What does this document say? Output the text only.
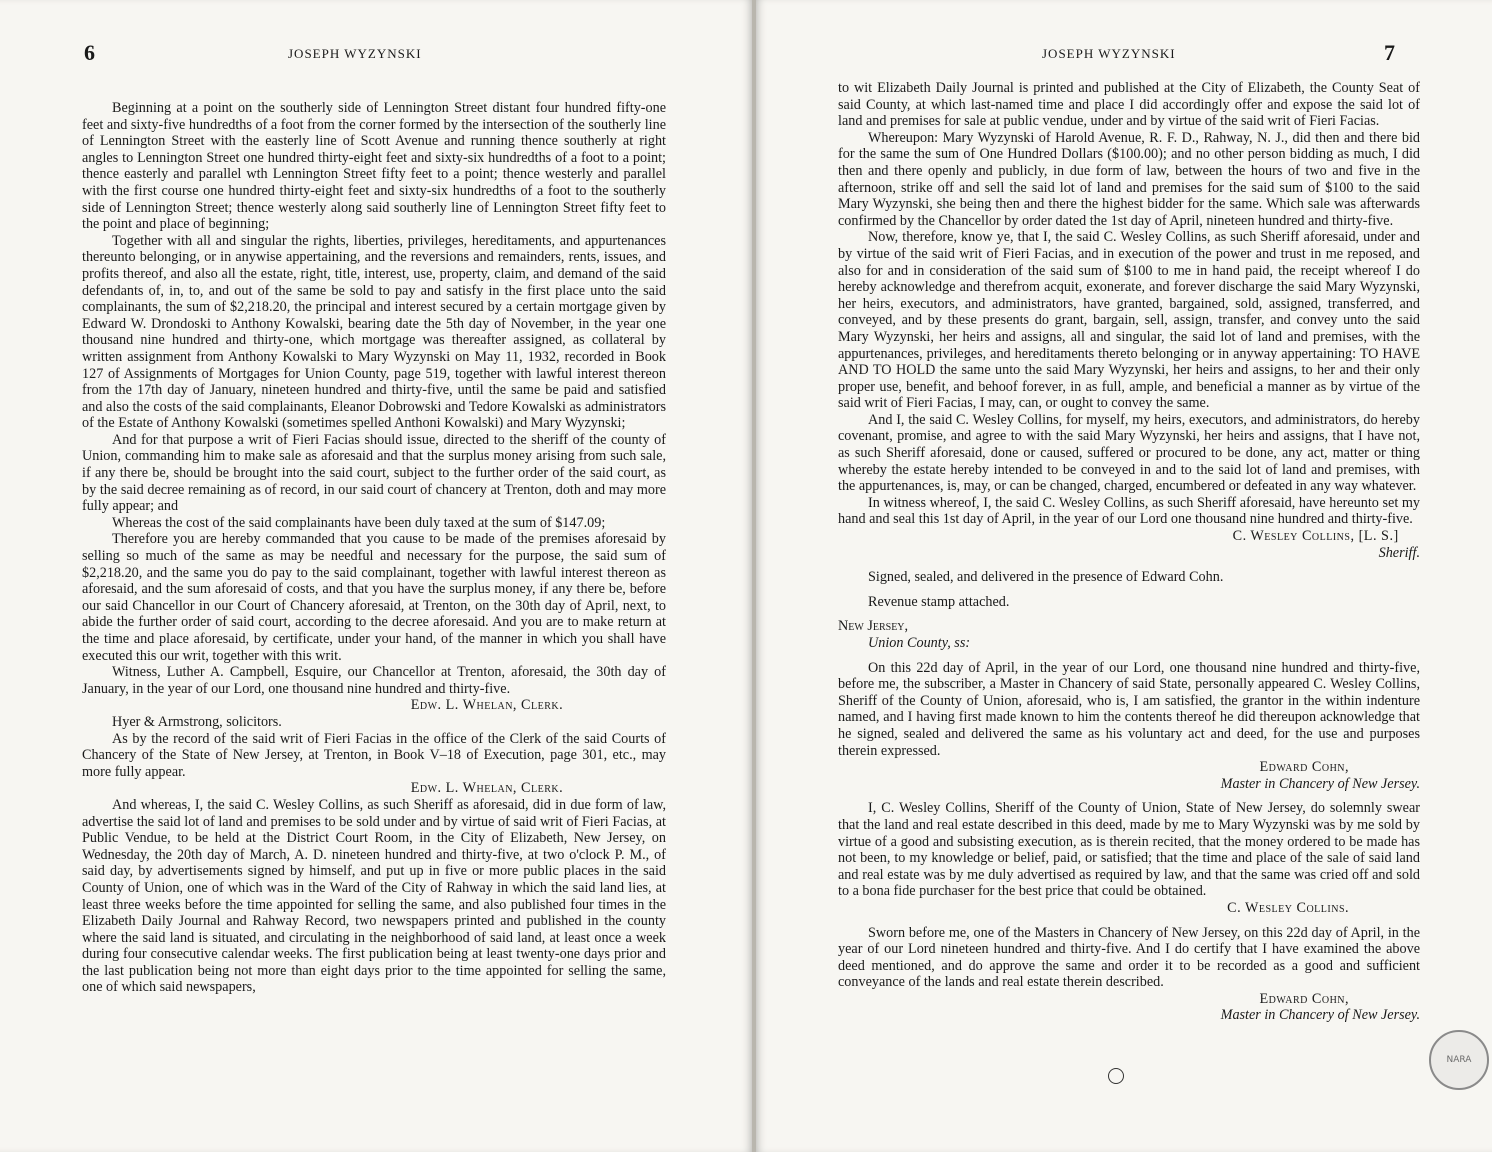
6	JOSEPH WYZYNSKI

Beginning at a point on the southerly side of Lennington Street distant four hundred fifty-one feet and sixty-five hundredths of a foot from the corner formed by the intersection of the southerly line of Lennington Street with the easterly line of Scott Avenue and running thence southerly at right angles to Lennington Street one hundred thirty-eight feet and sixty-six hundredths of a foot to a point; thence easterly and parallel wth Lennington Street fifty feet to a point; thence westerly and parallel with the first course one hundred thirty-eight feet and sixty-six hundredths of a foot to the southerly side of Lennington Street; thence westerly along said southerly line of Lennington Street fifty feet to the point and place of beginning;

Together with all and singular the rights, liberties, privileges, hereditaments, and appurtenances thereunto belonging, or in anywise appertaining, and the reversions and remainders, rents, issues, and profits thereof, and also all the estate, right, title, interest, use, property, claim, and demand of the said defendants of, in, to, and out of the same be sold to pay and satisfy in the first place unto the said complainants, the sum of $2,218.20, the principal and interest secured by a certain mortgage given by Edward W. Drondoski to Anthony Kowalski, bearing date the 5th day of November, in the year one thousand nine hundred and thirty-one, which mortgage was thereafter assigned, as collateral by written assignment from Anthony Kowalski to Mary Wyzynski on May 11, 1932, recorded in Book 127 of Assignments of Mortgages for Union County, page 519, together with lawful interest thereon from the 17th day of January, nineteen hundred and thirty-five, until the same be paid and satisfied and also the costs of the said complainants, Eleanor Dobrowski and Tedore Kowalski as administrators of the Estate of Anthony Kowalski (sometimes spelled Anthoni Kowalski) and Mary Wyzynski;

And for that purpose a writ of Fieri Facias should issue, directed to the sheriff of the county of Union, commanding him to make sale as aforesaid and that the surplus money arising from such sale, if any there be, should be brought into the said court, subject to the further order of the said court, as by the said decree remaining as of record, in our said court of chancery at Trenton, doth and may more fully appear; and

Whereas the cost of the said complainants have been duly taxed at the sum of $147.09;

Therefore you are hereby commanded that you cause to be made of the premises aforesaid by selling so much of the same as may be needful and necessary for the purpose, the said sum of $2,218.20, and the same you do pay to the said complainant, together with lawful interest thereon as aforesaid, and the sum aforesaid of costs, and that you have the surplus money, if any there be, before our said Chancellor in our Court of Chancery aforesaid, at Trenton, on the 30th day of April, next, to abide the further order of said court, according to the decree aforesaid. And you are to make return at the time and place aforesaid, by certificate, under your hand, of the manner in which you shall have executed this our writ, together with this writ.

Witness, Luther A. Campbell, Esquire, our Chancellor at Trenton, aforesaid, the 30th day of January, in the year of our Lord, one thousand nine hundred and thirty-five.

Edw. L. Whelan, Clerk.

Hyer & Armstrong, solicitors.

As by the record of the said writ of Fieri Facias in the office of the Clerk of the said Courts of Chancery of the State of New Jersey, at Trenton, in Book V–18 of Execution, page 301, etc., may more fully appear.

Edw. L. Whelan, Clerk.

And whereas, I, the said C. Wesley Collins, as such Sheriff as aforesaid, did in due form of law, advertise the said lot of land and premises to be sold under and by virtue of said writ of Fieri Facias, at Public Vendue, to be held at the District Court Room, in the City of Elizabeth, New Jersey, on Wednesday, the 20th day of March, A. D. nineteen hundred and thirty-five, at two o'clock P. M., of said day, by advertisements signed by himself, and put up in five or more public places in the said County of Union, one of which was in the Ward of the City of Rahway in which the said land lies, at least three weeks before the time appointed for selling the same, and also published four times in the Elizabeth Daily Journal and Rahway Record, two newspapers printed and published in the county where the said land is situated, and circulating in the neighborhood of said land, at least once a week during four consecutive calendar weeks. The first publication being at least twenty-one days prior and the last publication being not more than eight days prior to the time appointed for selling the same, one of which said newspapers,

JOSEPH WYZYNSKI	7

to wit Elizabeth Daily Journal is printed and published at the City of Elizabeth, the County Seat of said County, at which last-named time and place I did accordingly offer and expose the said lot of land and premises for sale at public vendue, under and by virtue of the said writ of Fieri Facias.

Whereupon: Mary Wyzynski of Harold Avenue, R. F. D., Rahway, N. J., did then and there bid for the same the sum of One Hundred Dollars ($100.00); and no other person bidding as much, I did then and there openly and publicly, in due form of law, between the hours of two and five in the afternoon, strike off and sell the said lot of land and premises for the said sum of $100 to the said Mary Wyzynski, she being then and there the highest bidder for the same. Which sale was afterwards confirmed by the Chancellor by order dated the 1st day of April, nineteen hundred and thirty-five.

Now, therefore, know ye, that I, the said C. Wesley Collins, as such Sheriff aforesaid, under and by virtue of the said writ of Fieri Facias, and in execution of the power and trust in me reposed, and also for and in consideration of the said sum of $100 to me in hand paid, the receipt whereof I do hereby acknowledge and therefrom acquit, exonerate, and forever discharge the said Mary Wyzynski, her heirs, executors, and administrators, have granted, bargained, sold, assigned, transferred, and conveyed, and by these presents do grant, bargain, sell, assign, transfer, and convey unto the said Mary Wyzynski, her heirs and assigns, all and singular, the said lot of land and premises, with the appurtenances, privileges, and hereditaments thereto belonging or in anyway appertaining: TO HAVE AND TO HOLD the same unto the said Mary Wyzynski, her heirs and assigns, to her and their only proper use, benefit, and behoof forever, in as full, ample, and beneficial a manner as by virtue of the said writ of Fieri Facias, I may, can, or ought to convey the same.

And I, the said C. Wesley Collins, for myself, my heirs, executors, and administrators, do hereby covenant, promise, and agree to with the said Mary Wyzynski, her heirs and assigns, that I have not, as such Sheriff aforesaid, done or caused, suffered or procured to be done, any act, matter or thing whereby the estate hereby intended to be conveyed in and to the said lot of land and premises, with the appurtenances, is, may, or can be changed, charged, encumbered or defeated in any way whatever.

In witness whereof, I, the said C. Wesley Collins, as such Sheriff aforesaid, have hereunto set my hand and seal this 1st day of April, in the year of our Lord one thousand nine hundred and thirty-five.

C. Wesley Collins, [L. S.]

Sheriff.

Signed, sealed, and delivered in the presence of Edward Cohn.

Revenue stamp attached.

New Jersey,

Union County, ss:

On this 22d day of April, in the year of our Lord, one thousand nine hundred and thirty-five, before me, the subscriber, a Master in Chancery of said State, personally appeared C. Wesley Collins, Sheriff of the County of Union, aforesaid, who is, I am satisfied, the grantor in the within indenture named, and I having first made known to him the contents thereof he did thereupon acknowledge that he signed, sealed and delivered the same as his voluntary act and deed, for the use and purposes therein expressed.

Edward Cohn,

Master in Chancery of New Jersey.

I, C. Wesley Collins, Sheriff of the County of Union, State of New Jersey, do solemnly swear that the land and real estate described in this deed, made by me to Mary Wyzynski was by me sold by virtue of a good and subsisting execution, as is therein recited, that the money ordered to be made has not been, to my knowledge or belief, paid, or satisfied; that the time and place of the sale of said land and real estate was by me duly advertised as required by law, and that the same was cried off and sold to a bona fide purchaser for the best price that could be obtained.

C. Wesley Collins.

Sworn before me, one of the Masters in Chancery of New Jersey, on this 22d day of April, in the year of our Lord nineteen hundred and thirty-five. And I do certify that I have examined the above deed mentioned, and do approve the same and order it to be recorded as a good and sufficient conveyance of the lands and real estate therein described.

Edward Cohn,

Master in Chancery of New Jersey.

NARA
